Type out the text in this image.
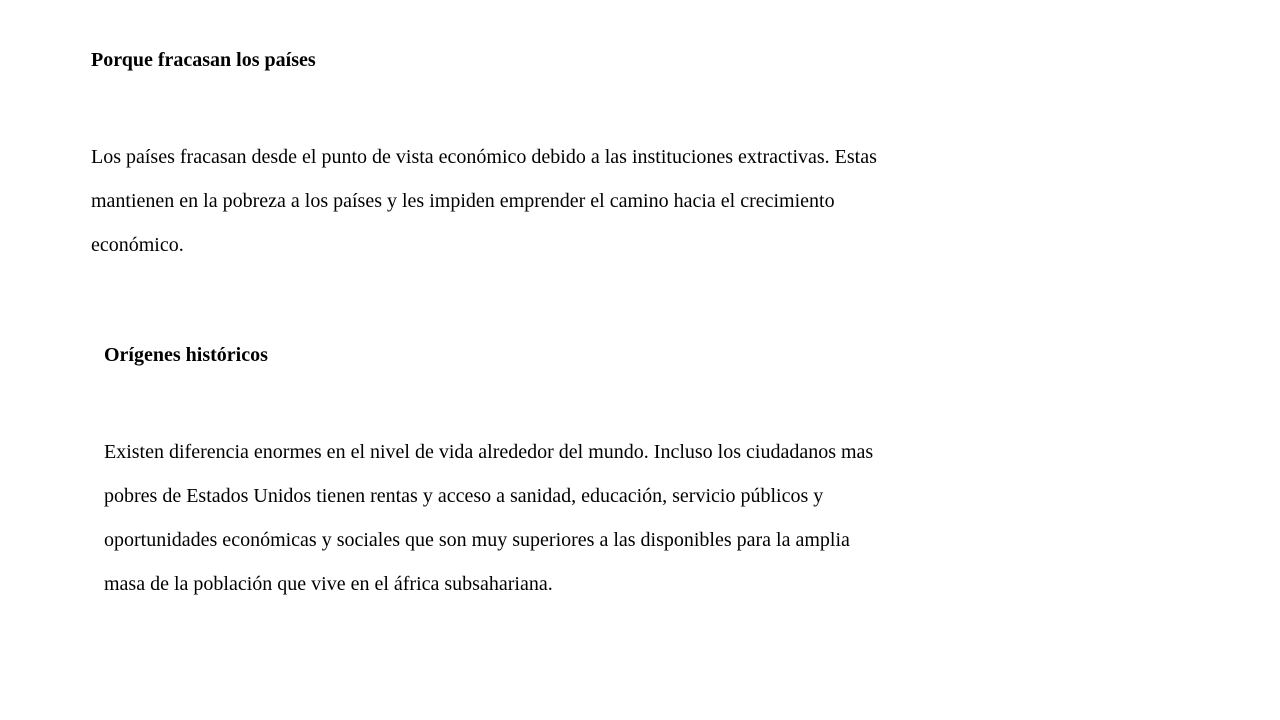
Porque fracasan los países

Los países fracasan desde el punto de vista económico debido a las instituciones extractivas. Estas
mantienen en la pobreza a los países y les impiden emprender el camino hacia el crecimiento
económico.

Orígenes históricos

Existen diferencia enormes en el nivel de vida alrededor del mundo. Incluso los ciudadanos mas
pobres de Estados Unidos tienen rentas y acceso a sanidad, educación, servicio públicos y
oportunidades económicas y sociales que son muy superiores a las disponibles para la amplia
masa de la población que vive en el áfrica subsahariana.
